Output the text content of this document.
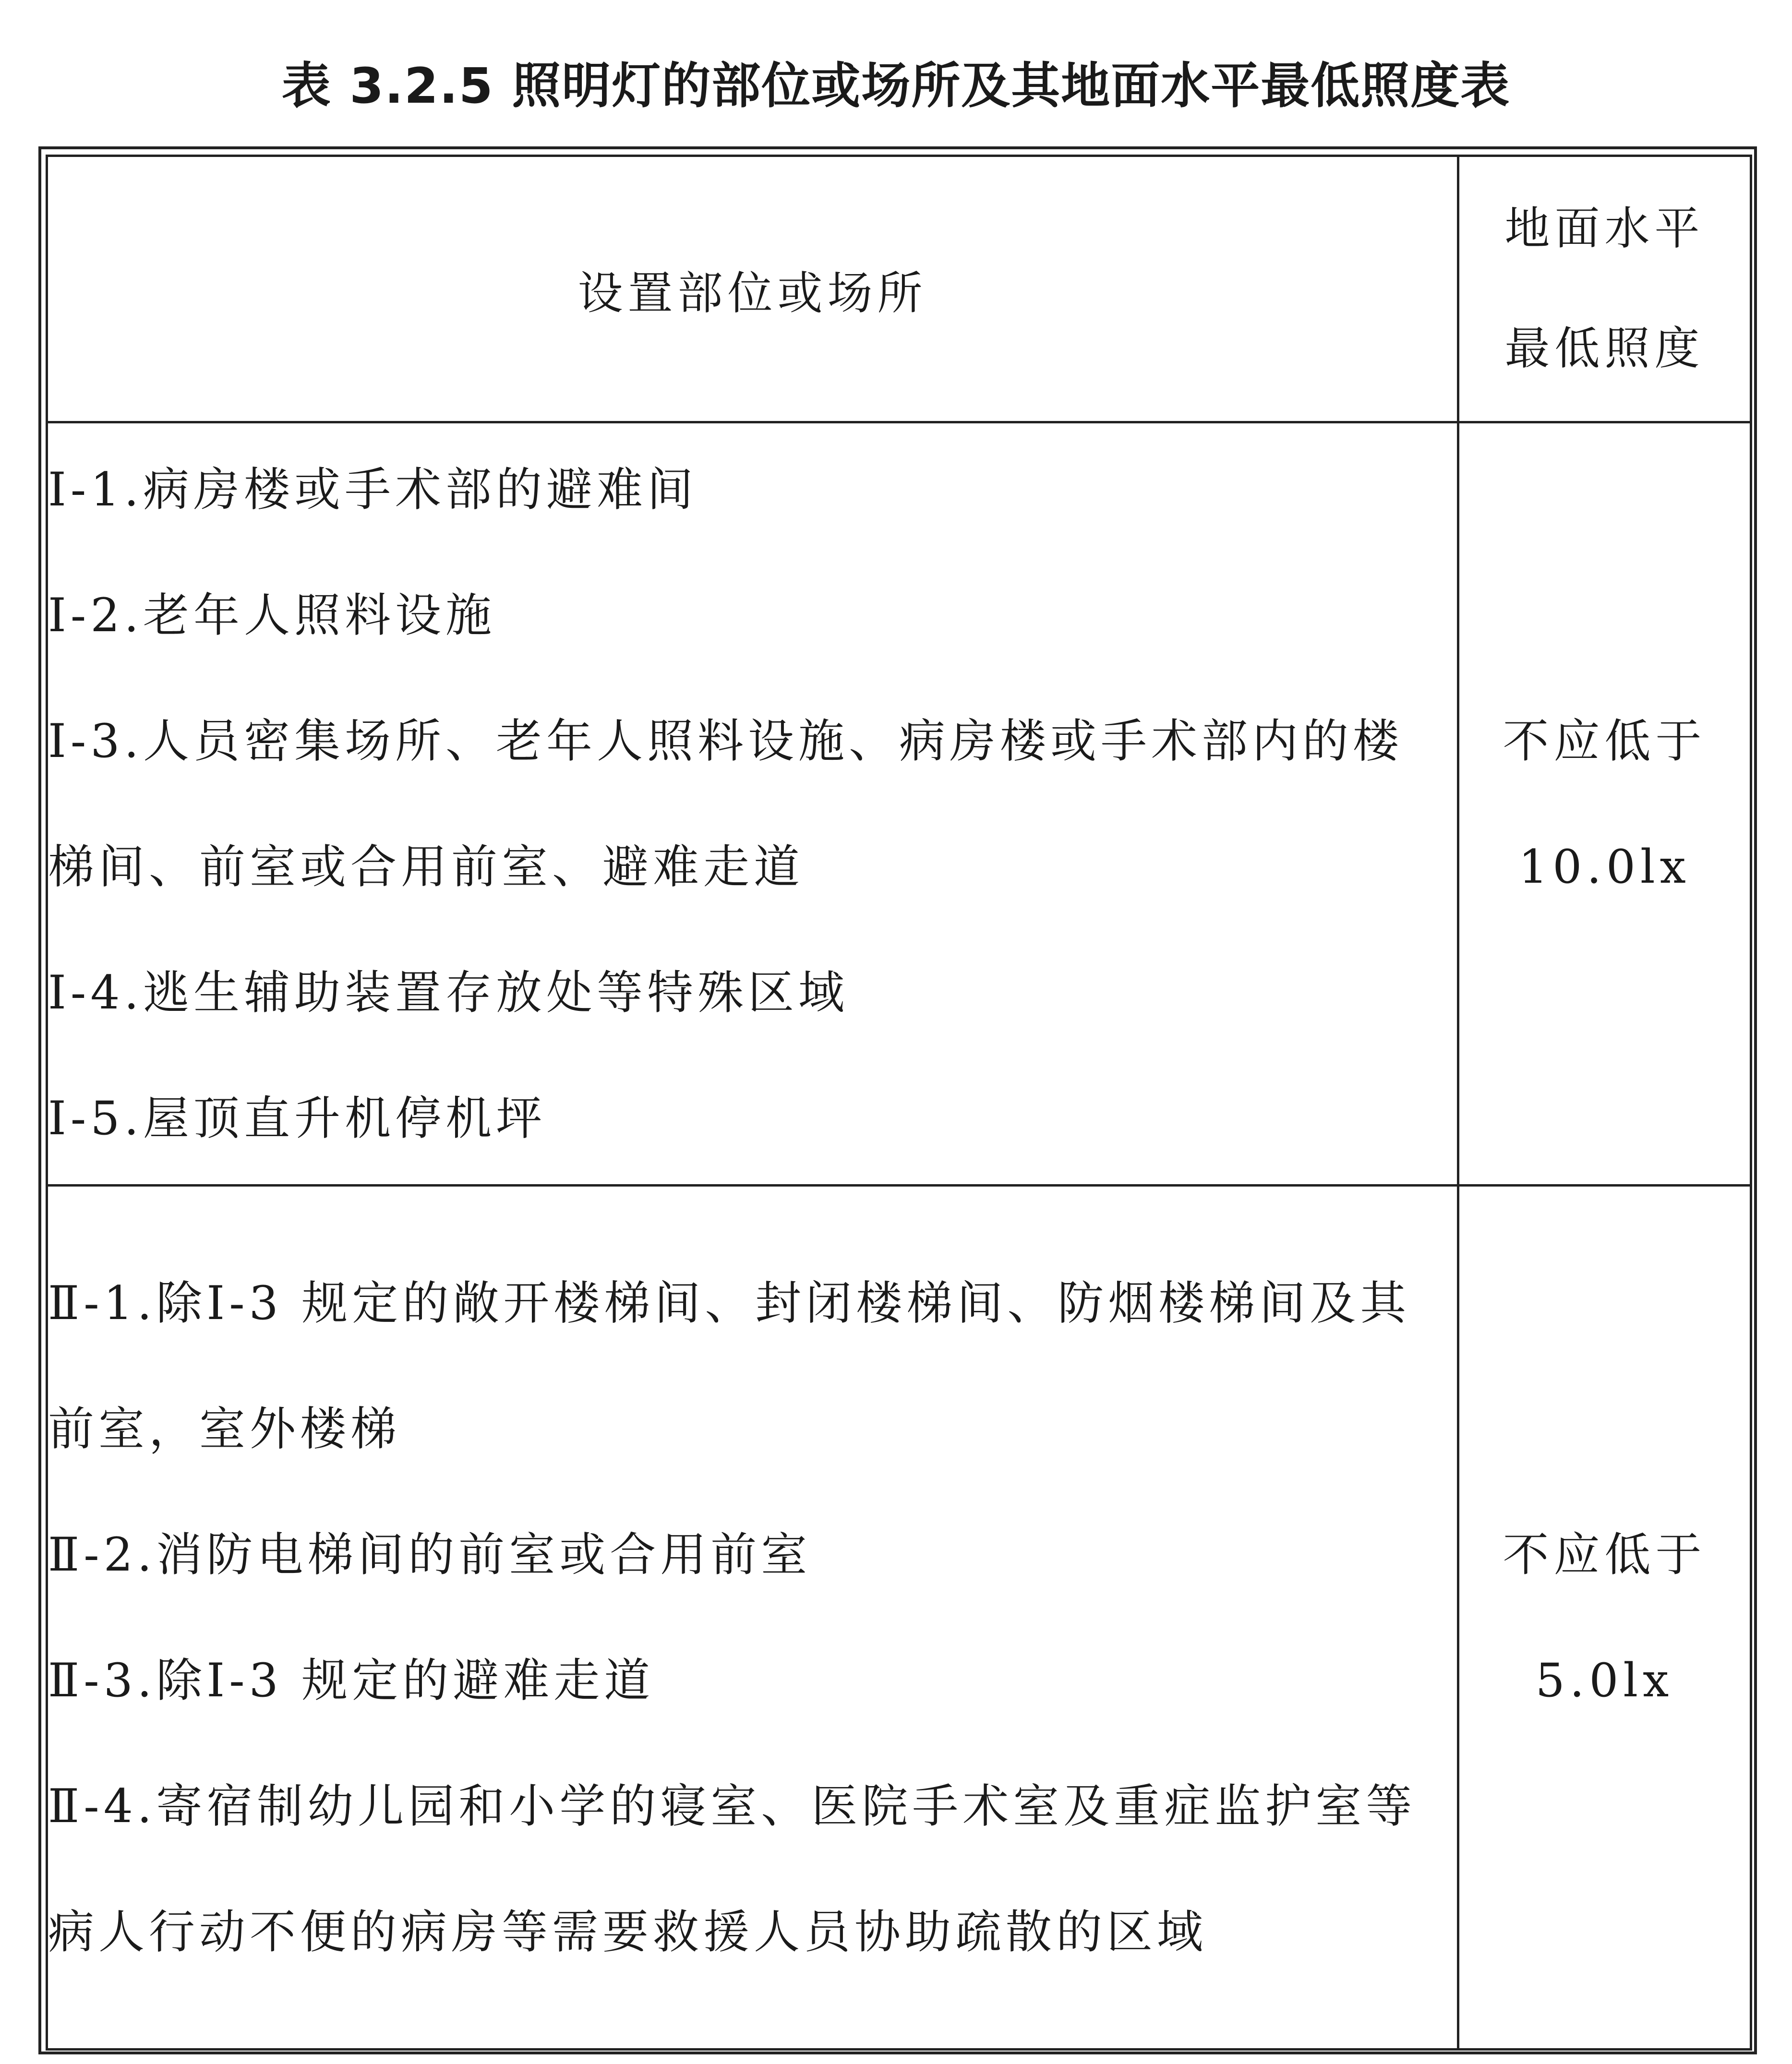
表 3.2.5 照明灯的部位或场所及其地面水平最低照度表
设置部位或场所	地面水平
最低照度

Ⅰ-1.病房楼或手术部的避难间
Ⅰ-2.老年人照料设施
Ⅰ-3.人员密集场所、老年人照料设施、病房楼或手术部内的楼梯间、前室或合用前室、避难走道
Ⅰ-4.逃生辅助装置存放处等特殊区域
Ⅰ-5.屋顶直升机停机坪	不应低于
10.0lx

Ⅱ-1.除Ⅰ-3 规定的敞开楼梯间、封闭楼梯间、防烟楼梯间及其前室，室外楼梯
Ⅱ-2.消防电梯间的前室或合用前室
Ⅱ-3.除Ⅰ-3 规定的避难走道
Ⅱ-4.寄宿制幼儿园和小学的寝室、医院手术室及重症监护室等病人行动不便的病房等需要救援人员协助疏散的区域	不应低于
5.0lx
